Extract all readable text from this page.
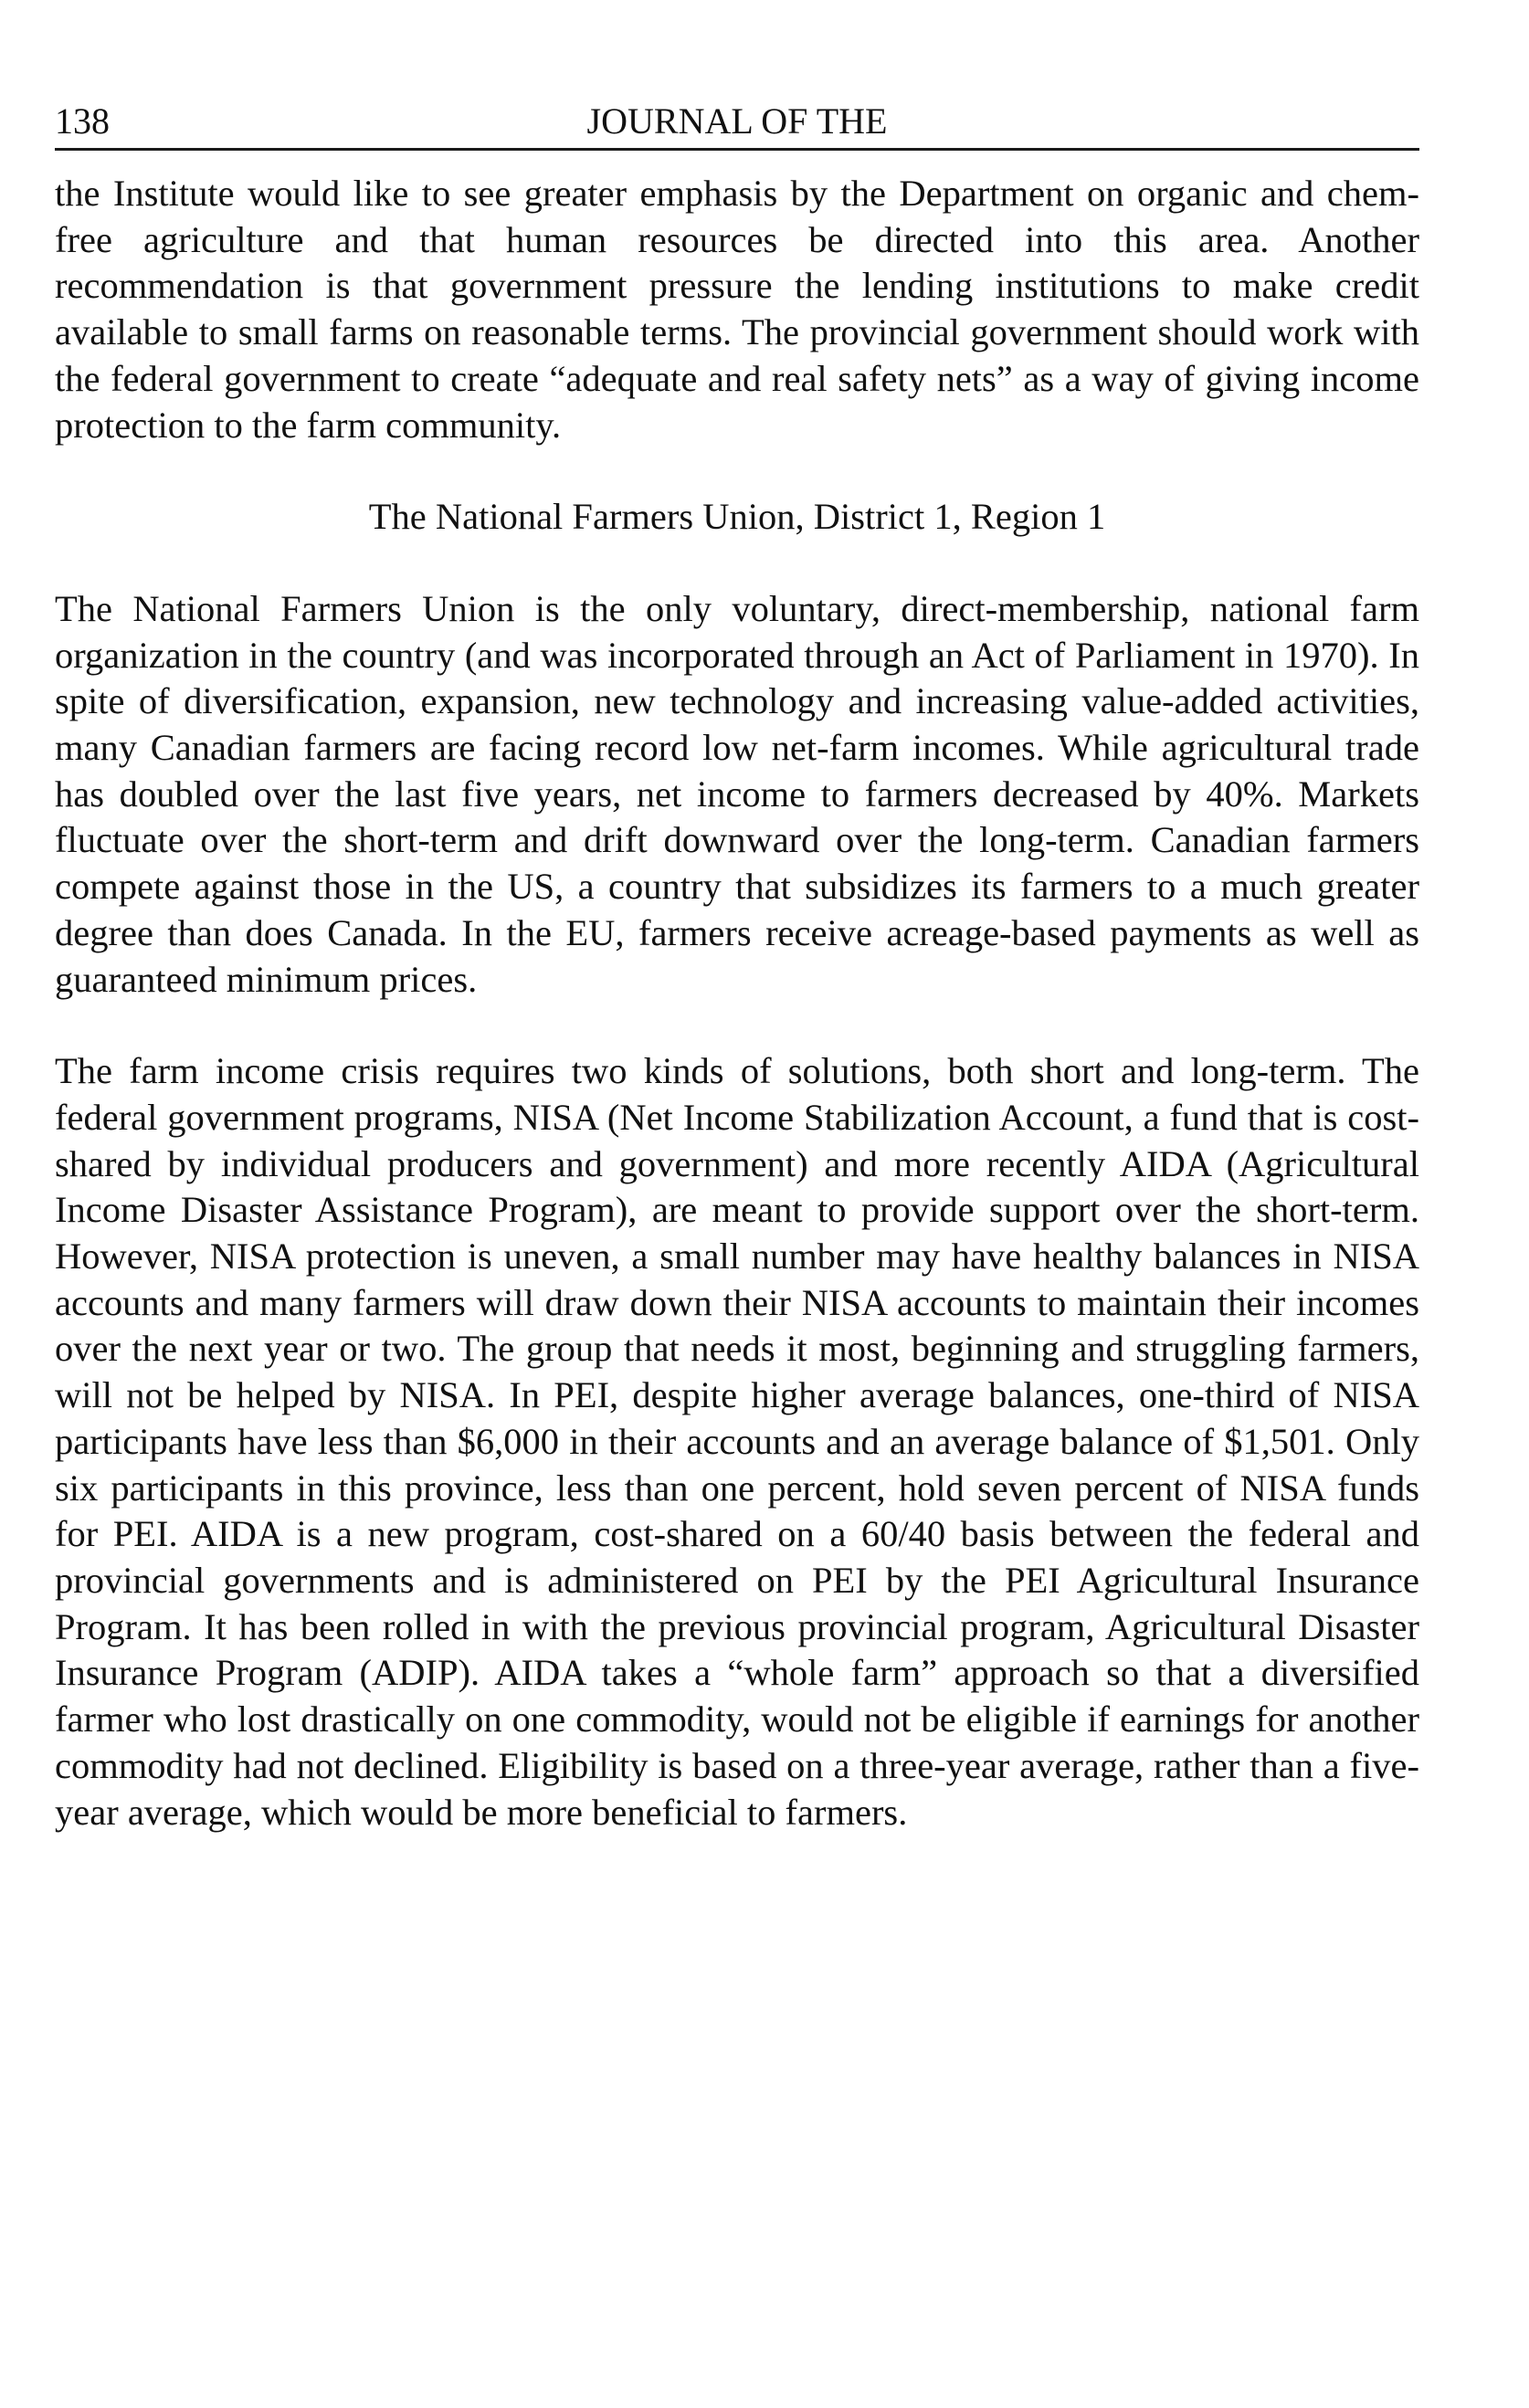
138	JOURNAL OF THE

the Institute would like to see greater emphasis by the Department on organic and chem-free agriculture and that human resources be directed into this area. Another recommendation is that government pressure the lending institutions to make credit available to small farms on reasonable terms. The provincial government should work with the federal government to create “adequate and real safety nets” as a way of giving income protection to the farm community.

The National Farmers Union, District 1, Region 1

The National Farmers Union is the only voluntary, direct-membership, national farm organization in the country (and was incorporated through an Act of Parliament in 1970). In spite of diversification, expansion, new technology and increasing value-added activities, many Canadian farmers are facing record low net-farm incomes. While agricultural trade has doubled over the last five years, net income to farmers decreased by 40%. Markets fluctuate over the short-term and drift downward over the long-term. Canadian farmers compete against those in the US, a country that subsidizes its farmers to a much greater degree than does Canada. In the EU, farmers receive acreage-based payments as well as guaranteed minimum prices.

The farm income crisis requires two kinds of solutions, both short and long-term. The federal government programs, NISA (Net Income Stabilization Account, a fund that is cost-shared by individual producers and government) and more recently AIDA (Agricultural Income Disaster Assistance Program), are meant to provide support over the short-term. However, NISA protection is uneven, a small number may have healthy balances in NISA accounts and many farmers will draw down their NISA accounts to maintain their incomes over the next year or two. The group that needs it most, beginning and struggling farmers, will not be helped by NISA. In PEI, despite higher average balances, one-third of NISA participants have less than $6,000 in their accounts and an average balance of $1,501. Only six participants in this province, less than one percent, hold seven percent of NISA funds for PEI. AIDA is a new program, cost-shared on a 60/40 basis between the federal and provincial governments and is administered on PEI by the PEI Agricultural Insurance Program. It has been rolled in with the previous provincial program, Agricultural Disaster Insurance Program (ADIP). AIDA takes a “whole farm” approach so that a diversified farmer who lost drastically on one commodity, would not be eligible if earnings for another commodity had not declined. Eligibility is based on a three-year average, rather than a five-year average, which would be more beneficial to farmers.
